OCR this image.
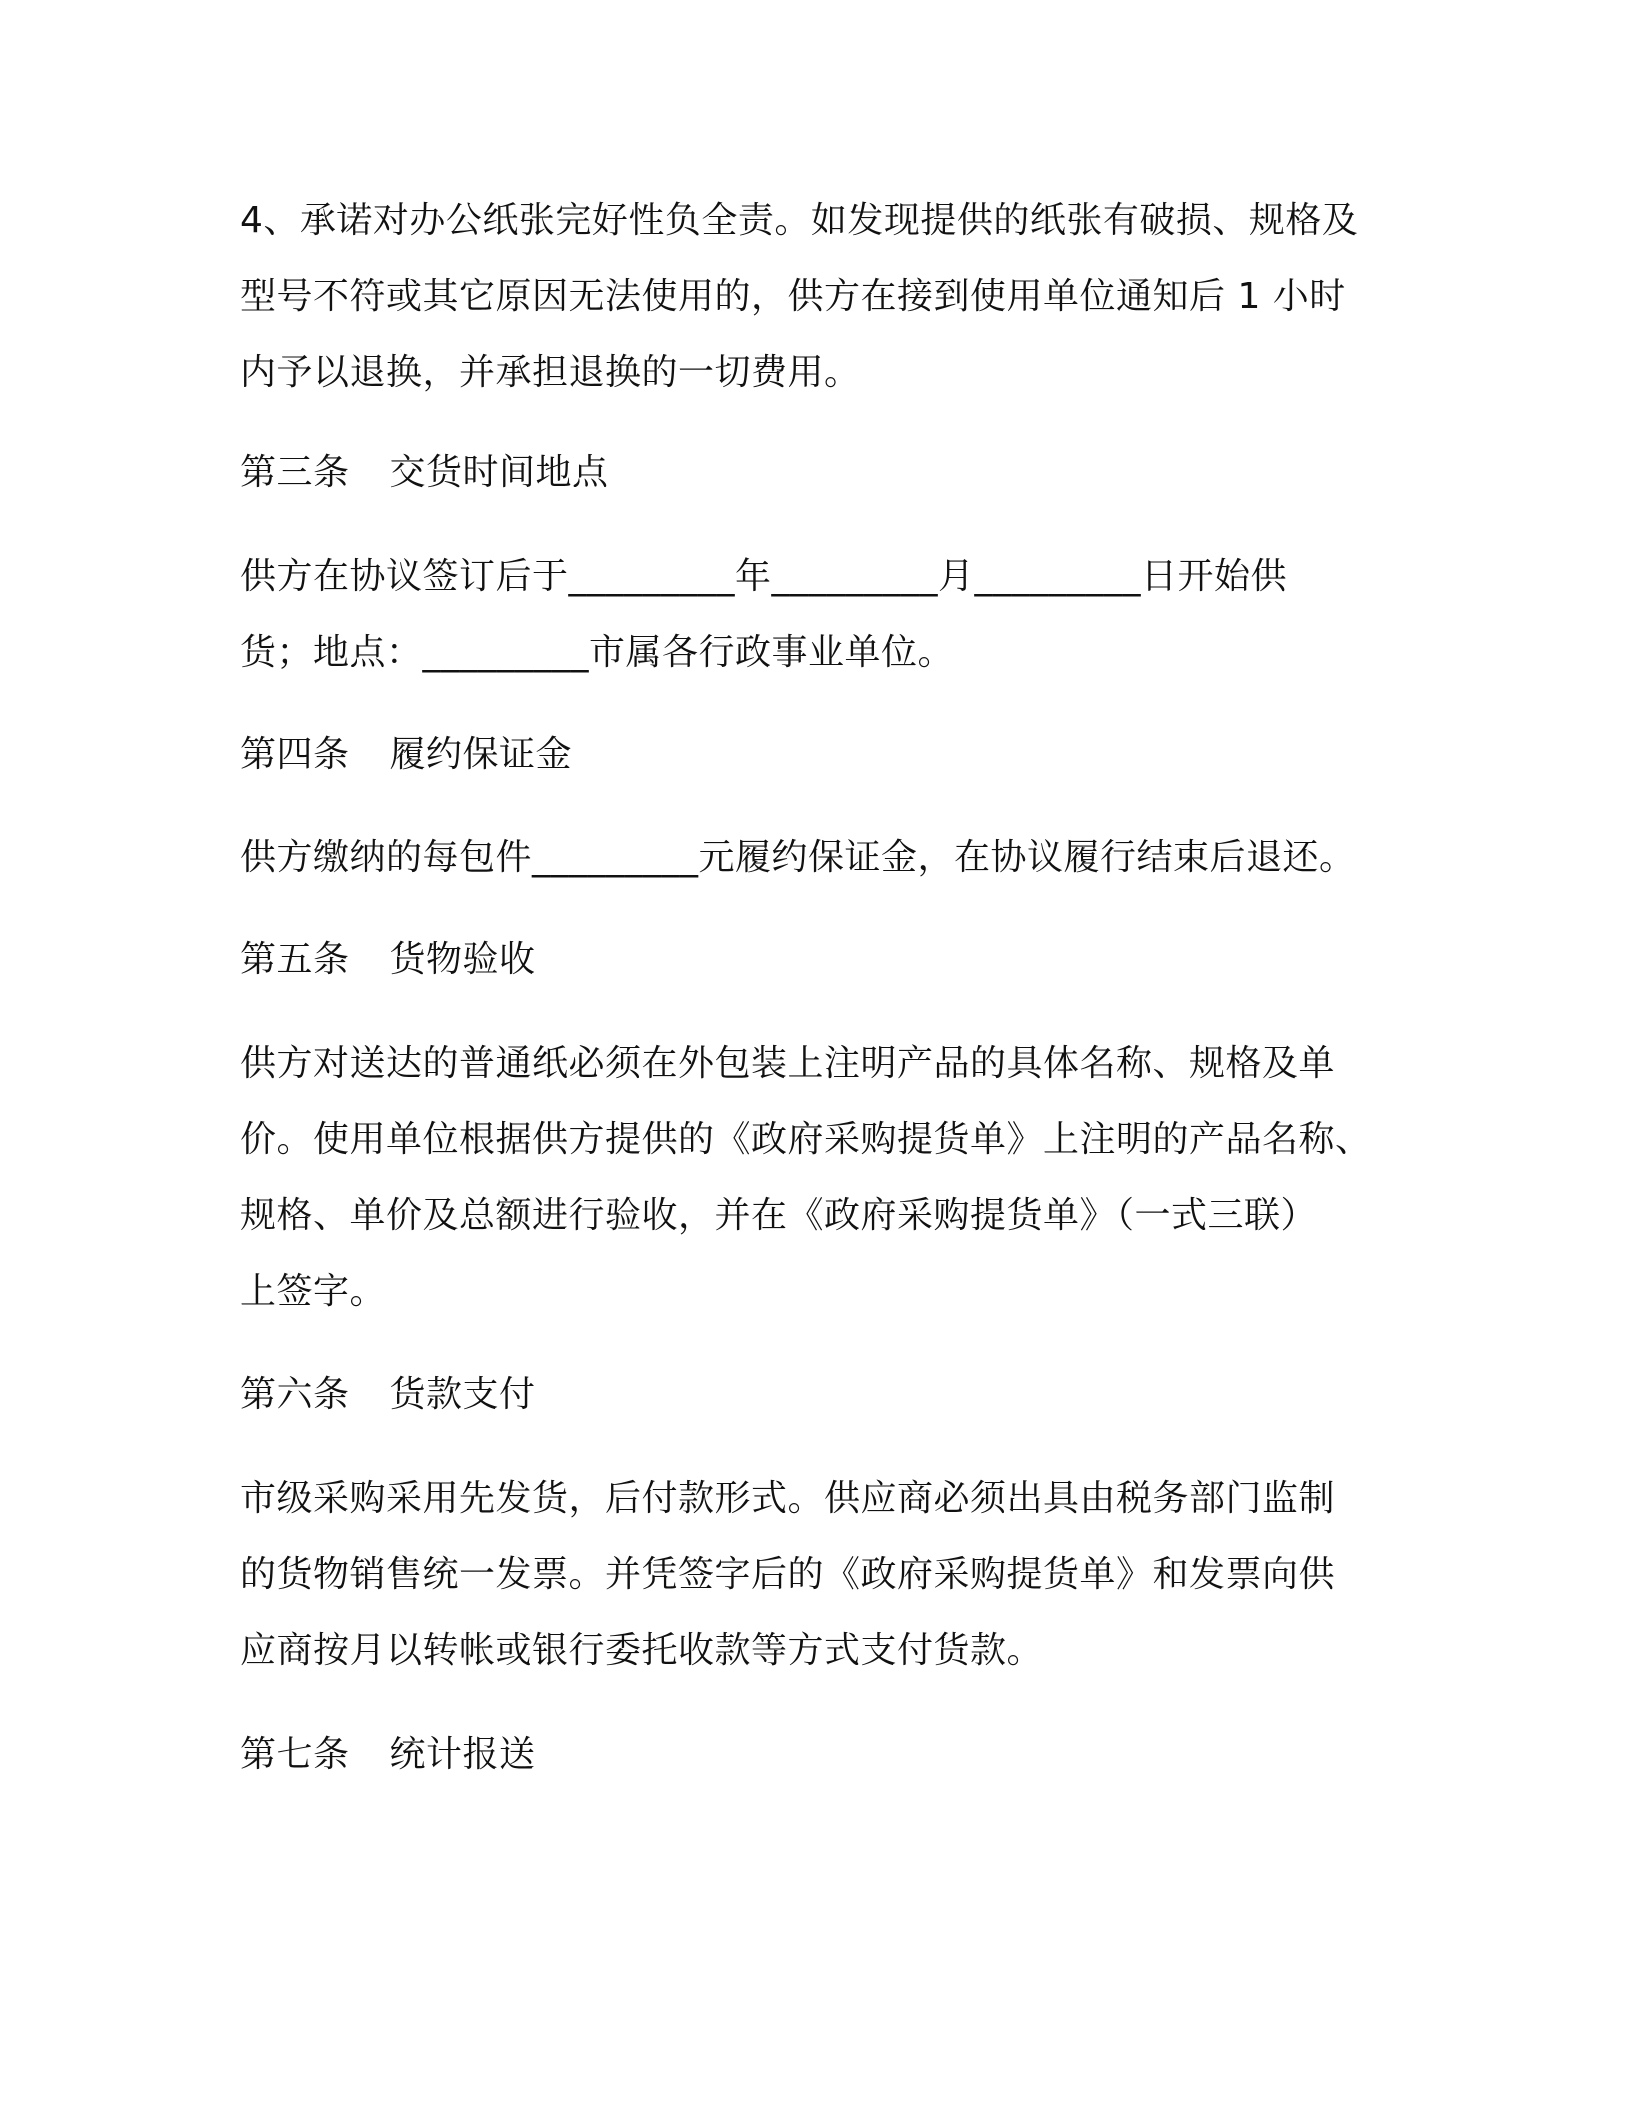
4、承诺对办公纸张完好性负全责。如发现提供的纸张有破损、规格及
型号不符或其它原因无法使用的，供方在接到使用单位通知后 1 小时
内予以退换，并承担退换的一切费用。
第三条 交货时间地点
供方在协议签订后于_________年_________月_________日开始供
货；地点：_________市属各行政事业单位。
第四条 履约保证金
供方缴纳的每包件_________元履约保证金，在协议履行结束后退还。
第五条 货物验收
供方对送达的普通纸必须在外包装上注明产品的具体名称、规格及单
价。使用单位根据供方提供的《政府采购提货单》上注明的产品名称、
规格、单价及总额进行验收，并在《政府采购提货单》（一式三联）
上签字。
第六条 货款支付
市级采购采用先发货，后付款形式。供应商必须出具由税务部门监制
的货物销售统一发票。并凭签字后的《政府采购提货单》和发票向供
应商按月以转帐或银行委托收款等方式支付货款。
第七条 统计报送
